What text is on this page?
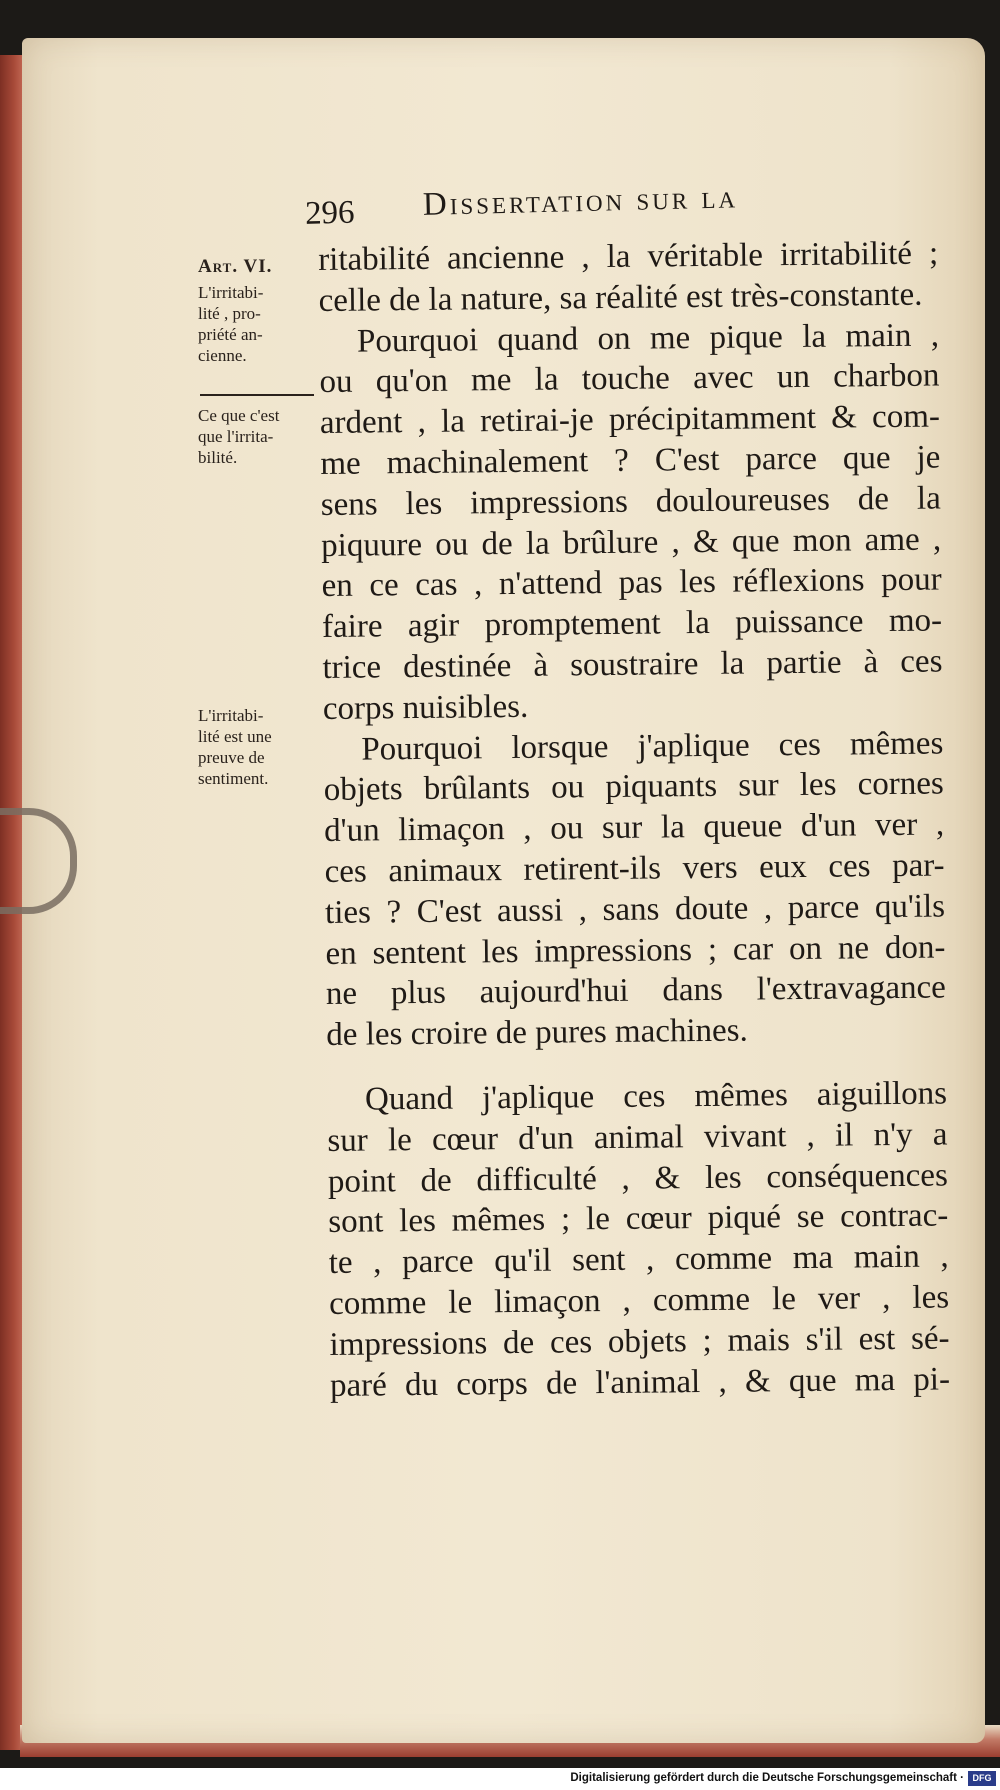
296 Dissertation sur la
Art. VI.
L'irritabi-
lité , pro-
priété an-
cienne.
Ce que c'est
que l'irrita-
bilité.
L'irritabi-
lité est une
preuve de
sentiment.
ritabilité ancienne , la véritable irritabilité ;
celle de la nature, sa réalité est très-constante.
Pourquoi quand on me pique la main ,
ou qu'on me la touche avec un charbon
ardent , la retirai-je précipitamment & com-
me machinalement ? C'est parce que je
sens les impressions douloureuses de la
piquure ou de la brûlure , & que mon ame ,
en ce cas , n'attend pas les réflexions pour
faire agir promptement la puissance mo-
trice destinée à soustraire la partie à ces
corps nuisibles.
Pourquoi lorsque j'aplique ces mêmes
objets brûlants ou piquants sur les cornes
d'un limaçon , ou sur la queue d'un ver ,
ces animaux retirent-ils vers eux ces par-
ties ? C'est aussi , sans doute , parce qu'ils
en sentent les impressions ; car on ne don-
ne plus aujourd'hui dans l'extravagance
de les croire de pures machines.
Quand j'aplique ces mêmes aiguillons
sur le cœur d'un animal vivant , il n'y a
point de difficulté , & les conséquences
sont les mêmes ; le cœur piqué se contrac-
te , parce qu'il sent , comme ma main ,
comme le limaçon , comme le ver , les
impressions de ces objets ; mais s'il est sé-
paré du corps de l'animal , & que ma pi-
Digitalisierung gefördert durch die Deutsche Forschungsgemeinschaft · DFG
